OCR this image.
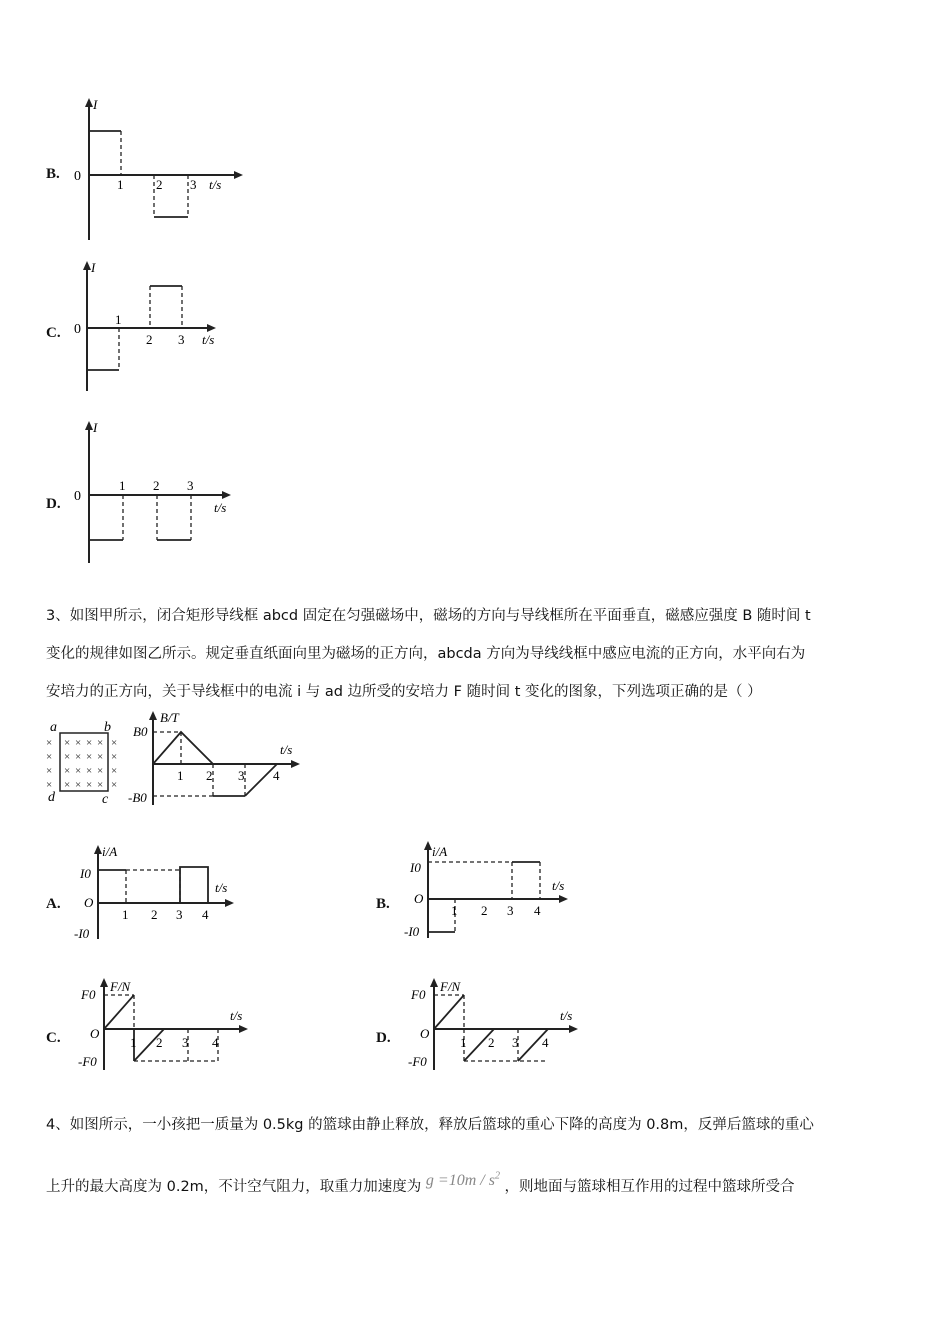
B.
I
0
1	2 3 t/s
C.
I
0
1
2 3 t/s
D.
I
0
1 2 3
t/s
3、如图甲所示，闭合矩形导线框 abcd 固定在匀强磁场中，磁场的方向与导线框所在平面垂直，磁感应强度 B 随时间 t
变化的规律如图乙所示。规定垂直纸面向里为磁场的正方向，abcda 方向为导线线框中感应电流的正方向，水平向右为
安培力的正方向，关于导线框中的电流 i 与 ad 边所受的安培力 F 随时间 t 变化的图象，下列选项正确的是（ ）
a	b
d	c
× × × × × ×
× × × × × ×
× × × × × ×
× × × × × ×
B/T
t/s
B0
-B0
1 2 3 4
A.
i/A
t/s
I0
O
-I0
1 2 3 4
B.
i/A
t/s
I0
O
-I0
1 2 3 4
C.
F/N
t/s
F0
O
-F0
1 2 3 4	D.
F/N
t/s
F0
O
-F0
1 2 3 4
4、如图所示，一小孩把一质量为 0.5kg 的篮球由静止释放，释放后篮球的重心下降的高度为 0.8m，反弹后篮球的重心
上升的最大高度为 0.2m，不计空气阻力，取重力加速度为 $g =10m / s^2$ ，则地面与篮球相互作用的过程中篮球所受合
